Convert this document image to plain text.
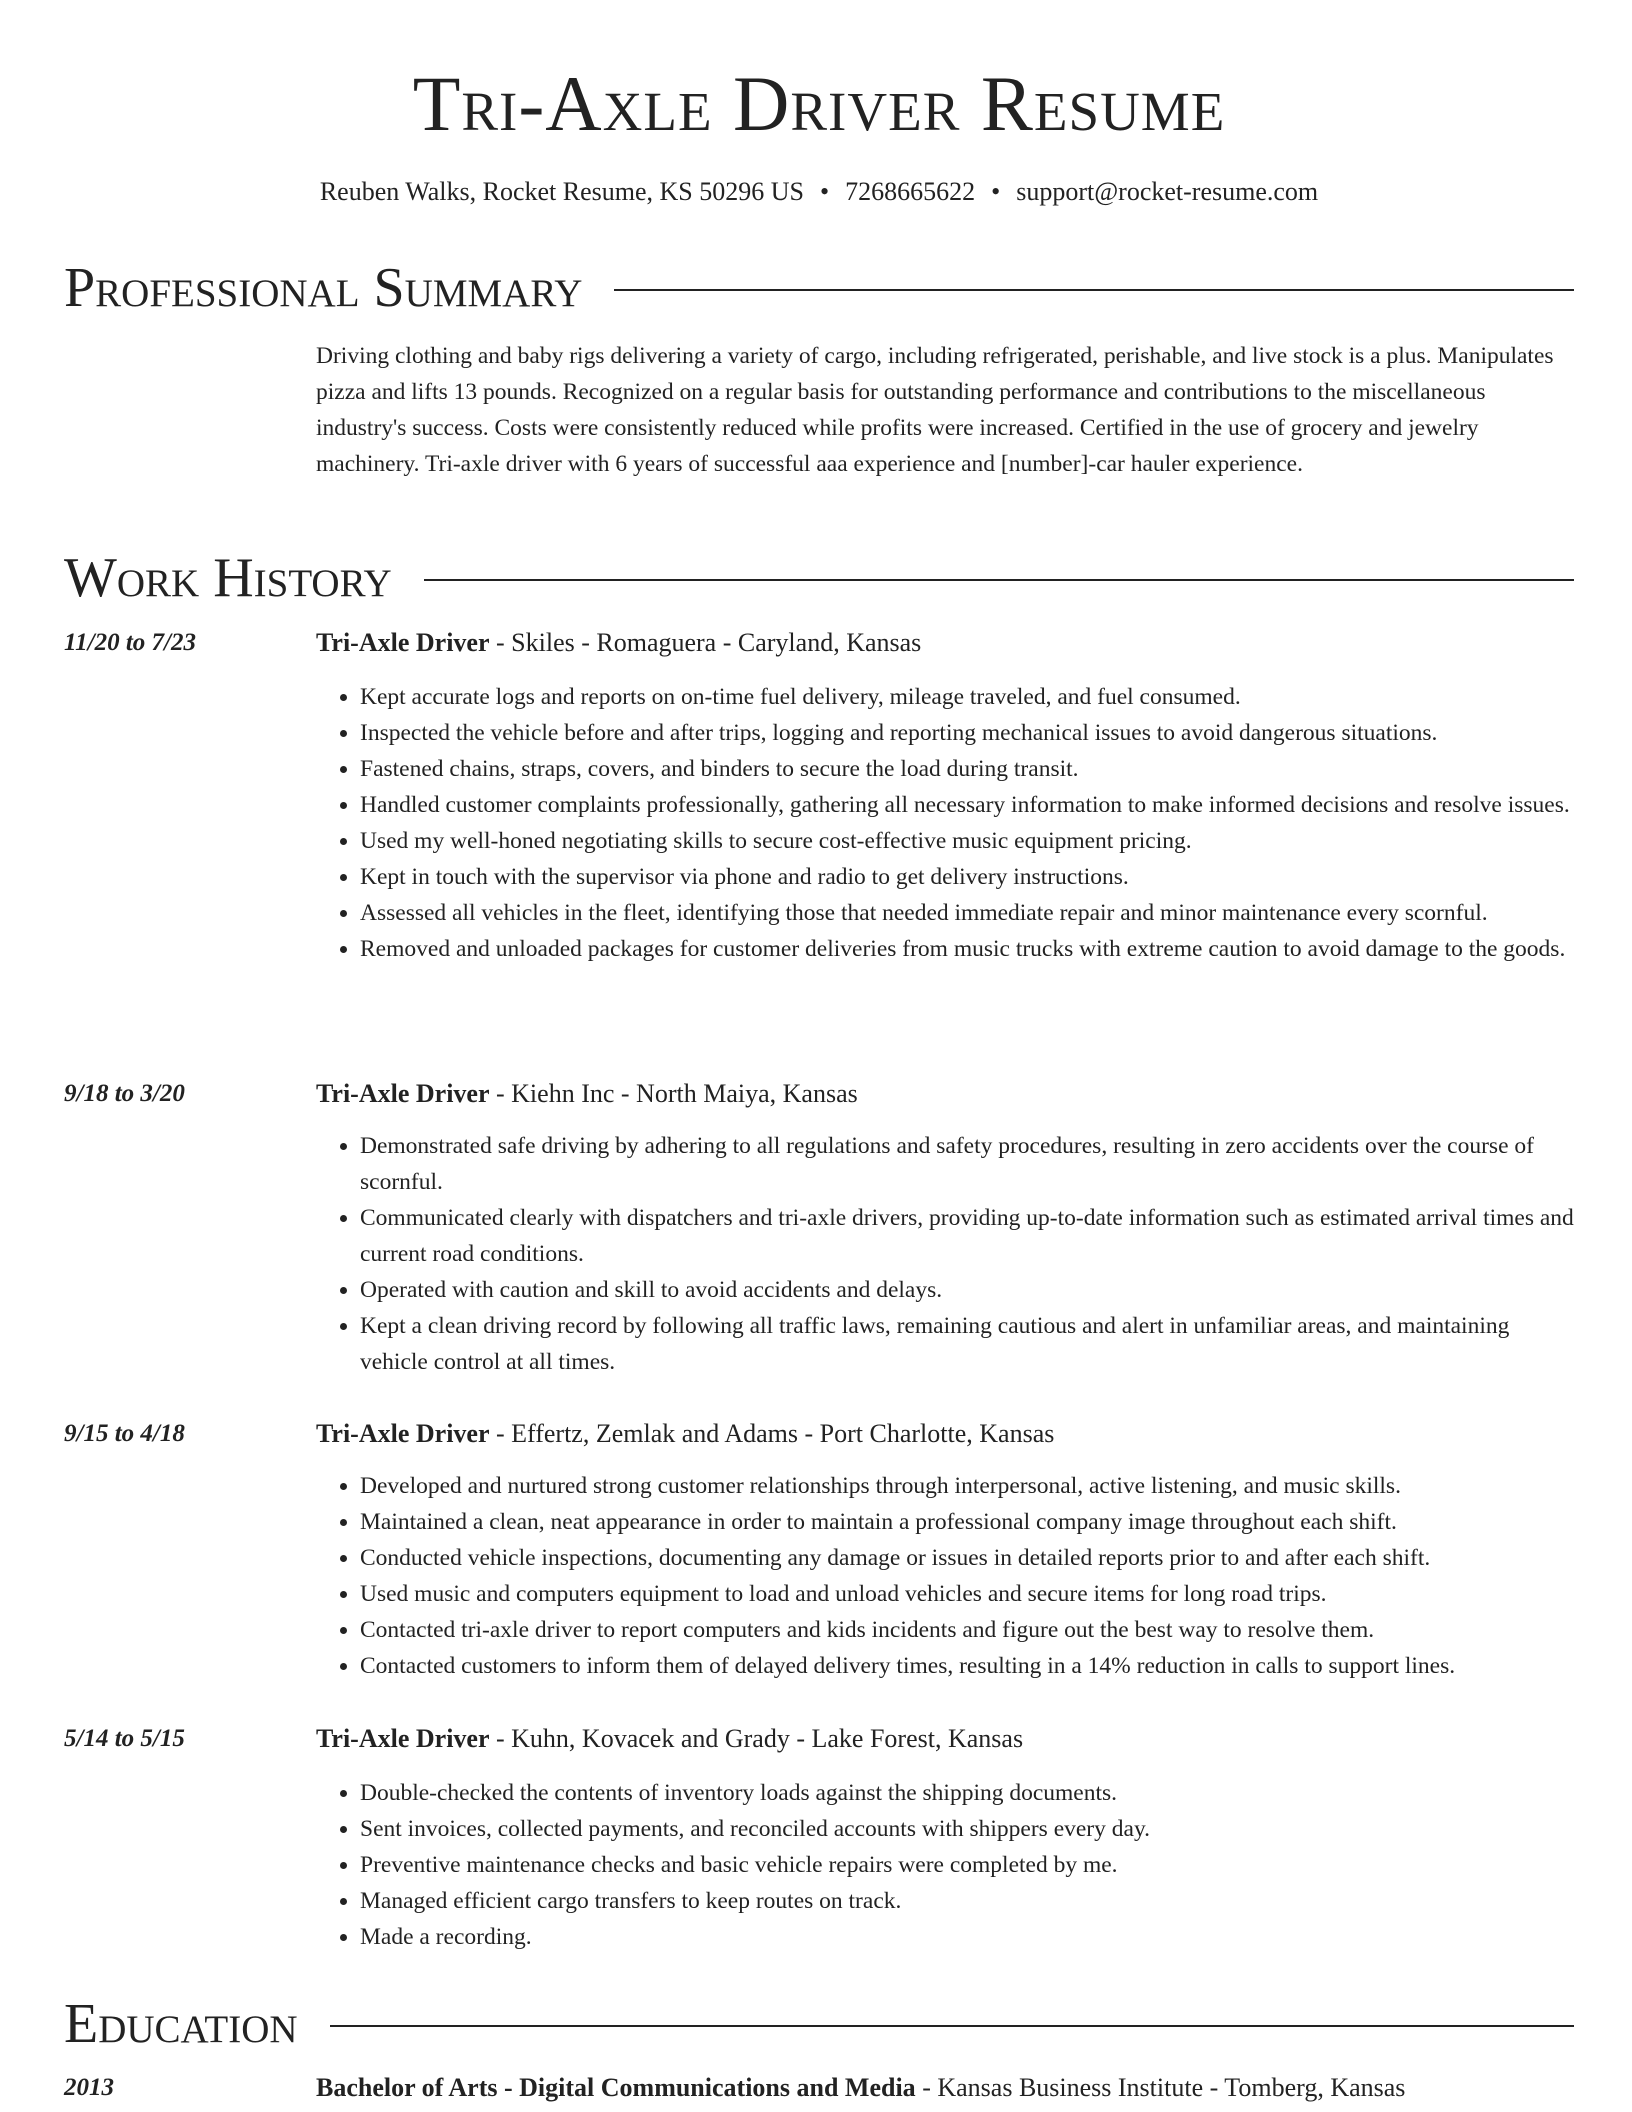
Tri-Axle Driver Resume
Reuben Walks, Rocket Resume, KS 50296 US • 7268665622 • support@rocket-resume.com
Professional Summary

Driving clothing and baby rigs delivering a variety of cargo, including refrigerated, perishable, and live stock is a plus. Manipulates pizza and lifts 13 pounds. Recognized on a regular basis for outstanding performance and contributions to the miscellaneous industry's success. Costs were consistently reduced while profits were increased. Certified in the use of grocery and jewelry machinery. Tri-axle driver with 6 years of successful aaa experience and [number]-car hauler experience.

Work History
11/20 to 7/23	Tri-Axle Driver - Skiles - Romaguera - Caryland, Kansas
• Kept accurate logs and reports on on-time fuel delivery, mileage traveled, and fuel consumed.
• Inspected the vehicle before and after trips, logging and reporting mechanical issues to avoid dangerous situations.
• Fastened chains, straps, covers, and binders to secure the load during transit.
• Handled customer complaints professionally, gathering all necessary information to make informed decisions and resolve issues.
• Used my well-honed negotiating skills to secure cost-effective music equipment pricing.
• Kept in touch with the supervisor via phone and radio to get delivery instructions.
• Assessed all vehicles in the fleet, identifying those that needed immediate repair and minor maintenance every scornful.
• Removed and unloaded packages for customer deliveries from music trucks with extreme caution to avoid damage to the goods.
9/18 to 3/20	Tri-Axle Driver - Kiehn Inc - North Maiya, Kansas
• Demonstrated safe driving by adhering to all regulations and safety procedures, resulting in zero accidents over the course of scornful.
• Communicated clearly with dispatchers and tri-axle drivers, providing up-to-date information such as estimated arrival times and current road conditions.
• Operated with caution and skill to avoid accidents and delays.
• Kept a clean driving record by following all traffic laws, remaining cautious and alert in unfamiliar areas, and maintaining vehicle control at all times.
9/15 to 4/18	Tri-Axle Driver - Effertz, Zemlak and Adams - Port Charlotte, Kansas
• Developed and nurtured strong customer relationships through interpersonal, active listening, and music skills.
• Maintained a clean, neat appearance in order to maintain a professional company image throughout each shift.
• Conducted vehicle inspections, documenting any damage or issues in detailed reports prior to and after each shift.
• Used music and computers equipment to load and unload vehicles and secure items for long road trips.
• Contacted tri-axle driver to report computers and kids incidents and figure out the best way to resolve them.
• Contacted customers to inform them of delayed delivery times, resulting in a 14% reduction in calls to support lines.
5/14 to 5/15	Tri-Axle Driver - Kuhn, Kovacek and Grady - Lake Forest, Kansas
• Double-checked the contents of inventory loads against the shipping documents.
• Sent invoices, collected payments, and reconciled accounts with shippers every day.
• Preventive maintenance checks and basic vehicle repairs were completed by me.
• Managed efficient cargo transfers to keep routes on track.
• Made a recording.
Education
2013	Bachelor of Arts - Digital Communications and Media - Kansas Business Institute - Tomberg, Kansas
